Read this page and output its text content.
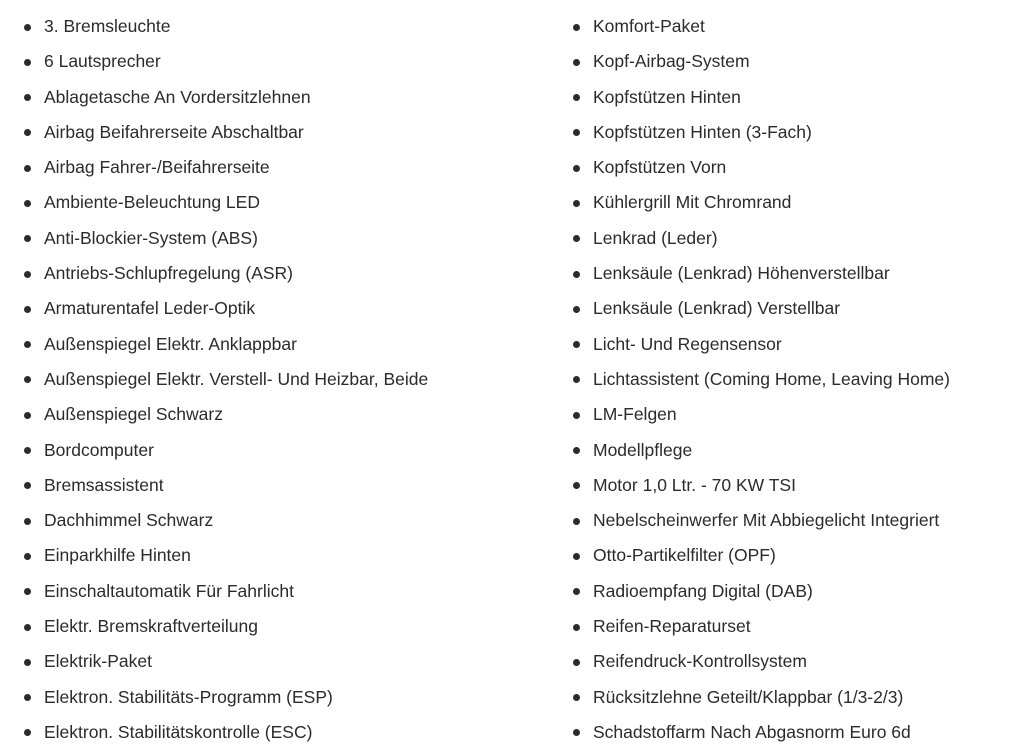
3. Bremsleuchte
6 Lautsprecher
Ablagetasche An Vordersitzlehnen
Airbag Beifahrerseite Abschaltbar
Airbag Fahrer-/Beifahrerseite
Ambiente-Beleuchtung LED
Anti-Blockier-System (ABS)
Antriebs-Schlupfregelung (ASR)
Armaturentafel Leder-Optik
Außenspiegel Elektr. Anklappbar
Außenspiegel Elektr. Verstell- Und Heizbar, Beide
Außenspiegel Schwarz
Bordcomputer
Bremsassistent
Dachhimmel Schwarz
Einparkhilfe Hinten
Einschaltautomatik Für Fahrlicht
Elektr. Bremskraftverteilung
Elektrik-Paket
Elektron. Stabilitäts-Programm (ESP)
Elektron. Stabilitätskontrolle (ESC)
Komfort-Paket
Kopf-Airbag-System
Kopfstützen Hinten
Kopfstützen Hinten (3-Fach)
Kopfstützen Vorn
Kühlergrill Mit Chromrand
Lenkrad (Leder)
Lenksäule (Lenkrad) Höhenverstellbar
Lenksäule (Lenkrad) Verstellbar
Licht- Und Regensensor
Lichtassistent (Coming Home, Leaving Home)
LM-Felgen
Modellpflege
Motor 1,0 Ltr. - 70 KW TSI
Nebelscheinwerfer Mit Abbiegelicht Integriert
Otto-Partikelfilter (OPF)
Radioempfang Digital (DAB)
Reifen-Reparaturset
Reifendruck-Kontrollsystem
Rücksitzlehne Geteilt/Klappbar (1/3-2/3)
Schadstoffarm Nach Abgasnorm Euro 6d
